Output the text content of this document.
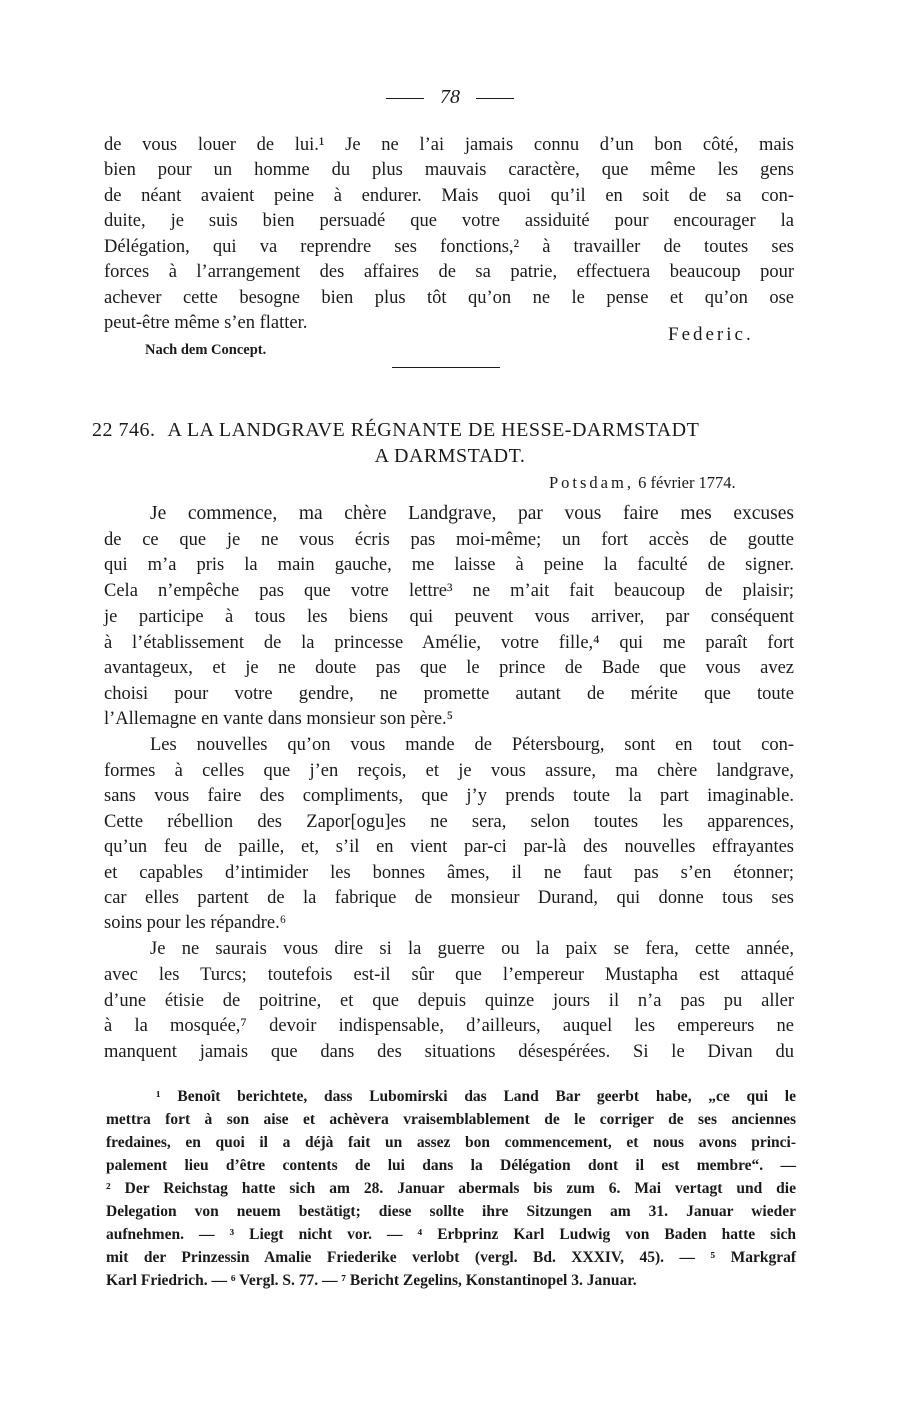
78
de vous louer de lui.¹ Je ne l’ai jamais connu d’un bon côté, mais
bien pour un homme du plus mauvais caractère, que même les gens
de néant avaient peine à endurer. Mais quoi qu’il en soit de sa con-
duite, je suis bien persuadé que votre assiduité pour encourager la
Délégation, qui va reprendre ses fonctions,² à travailler de toutes ses
forces à l’arrangement des affaires de sa patrie, effectuera beaucoup pour
achever cette besogne bien plus tôt qu’on ne le pense et qu’on ose
peut-être même s’en flatter.
Federic.
Nach dem Concept.
22 746. A LA LANDGRAVE RÉGNANTE DE HESSE-DARMSTADT
A DARMSTADT.
Potsdam, 6 février 1774.
Je commence, ma chère Landgrave, par vous faire mes excuses
de ce que je ne vous écris pas moi-même; un fort accès de goutte
qui m’a pris la main gauche, me laisse à peine la faculté de signer.
Cela n’empêche pas que votre lettre³ ne m’ait fait beaucoup de plaisir;
je participe à tous les biens qui peuvent vous arriver, par conséquent
à l’établissement de la princesse Amélie, votre fille,⁴ qui me paraît fort
avantageux, et je ne doute pas que le prince de Bade que vous avez
choisi pour votre gendre, ne promette autant de mérite que toute
l’Allemagne en vante dans monsieur son père.⁵
Les nouvelles qu’on vous mande de Pétersbourg, sont en tout con-
formes à celles que j’en reçois, et je vous assure, ma chère landgrave,
sans vous faire des compliments, que j’y prends toute la part imaginable.
Cette rébellion des Zapor[ogu]es ne sera, selon toutes les apparences,
qu’un feu de paille, et, s’il en vient par-ci par-là des nouvelles effrayantes
et capables d’intimider les bonnes âmes, il ne faut pas s’en étonner;
car elles partent de la fabrique de monsieur Durand, qui donne tous ses
soins pour les répandre.⁶
Je ne saurais vous dire si la guerre ou la paix se fera, cette année,
avec les Turcs; toutefois est-il sûr que l’empereur Mustapha est attaqué
d’une étisie de poitrine, et que depuis quinze jours il n’a pas pu aller
à la mosquée,⁷ devoir indispensable, d’ailleurs, auquel les empereurs ne
manquent jamais que dans des situations désespérées. Si le Divan du
¹ Benoît berichtete, dass Lubomirski das Land Bar geerbt habe, „ce qui le
mettra fort à son aise et achèvera vraisemblablement de le corriger de ses anciennes
fredaines, en quoi il a déjà fait un assez bon commencement, et nous avons princi-
palement lieu d’être contents de lui dans la Délégation dont il est membre“. —
² Der Reichstag hatte sich am 28. Januar abermals bis zum 6. Mai vertagt und die
Delegation von neuem bestätigt; diese sollte ihre Sitzungen am 31. Januar wieder
aufnehmen. — ³ Liegt nicht vor. — ⁴ Erbprinz Karl Ludwig von Baden hatte sich
mit der Prinzessin Amalie Friederike verlobt (vergl. Bd. XXXIV, 45). — ⁵ Markgraf
Karl Friedrich. — ⁶ Vergl. S. 77. — ⁷ Bericht Zegelins, Konstantinopel 3. Januar.
